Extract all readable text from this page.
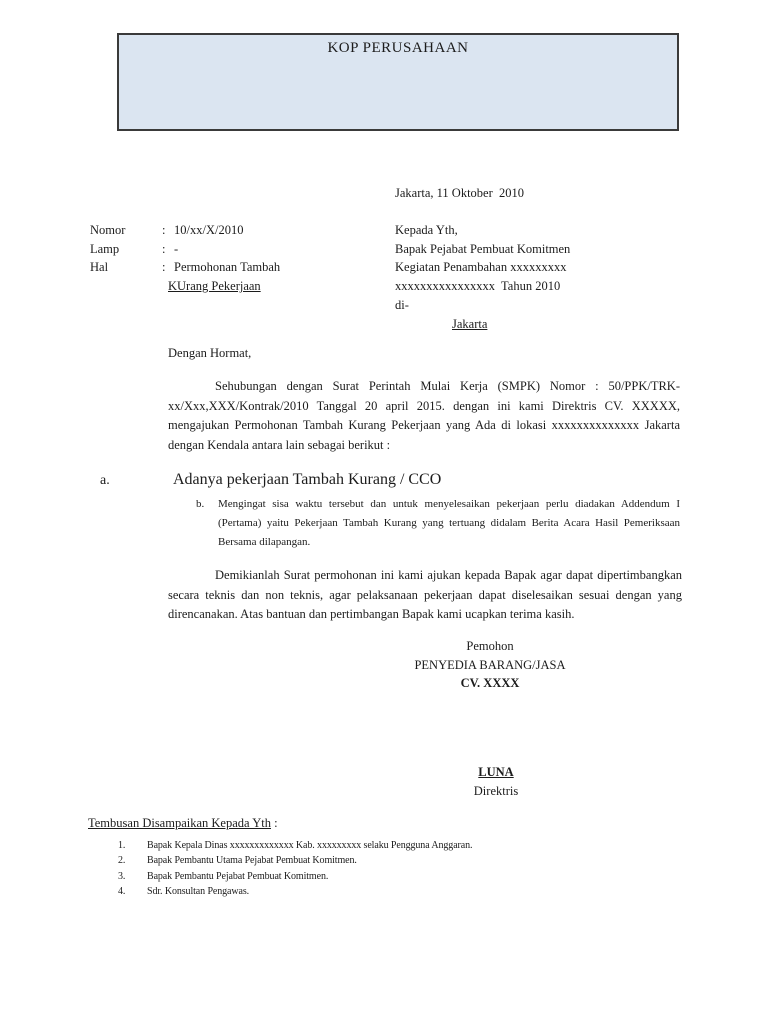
KOP PERUSAHAAN
Jakarta, 11 Oktober  2010
Nomor	: 10/xx/X/2010
Lamp	: -
Hal	: Permohonan Tambah
KUrang Pekerjaan
Kepada Yth,
Bapak Pejabat Pembuat Komitmen
Kegiatan Penambahan xxxxxxxxx
xxxxxxxxxxxxxxxx  Tahun 2010
di-
Jakarta
Dengan Hormat,

Sehubungan dengan Surat Perintah Mulai Kerja (SMPK) Nomor : 50/PPK/TRK-xx/Xxx,XXX/Kontrak/2010 Tanggal 20 april 2015. dengan ini kami Direktris CV. XXXXX, mengajukan Permohonan Tambah Kurang Pekerjaan yang Ada di lokasi xxxxxxxxxxxxxx Jakarta dengan Kendala antara lain sebagai berikut :

a.	Adanya pekerjaan Tambah Kurang / CCO
b.	Mengingat sisa waktu tersebut dan untuk menyelesaikan pekerjaan perlu diadakan Addendum I (Pertama) yaitu Pekerjaan Tambah Kurang yang tertuang didalam Berita Acara Hasil Pemeriksaan Bersama dilapangan.

Demikianlah Surat permohonan ini kami ajukan kepada Bapak agar dapat dipertimbangkan secara teknis dan non teknis, agar pelaksanaan pekerjaan dapat diselesaikan sesuai dengan yang direncanakan. Atas bantuan dan pertimbangan Bapak kami ucapkan terima kasih.

Pemohon
PENYEDIA BARANG/JASA
CV. XXXX
LUNA
Direktris
Tembusan Disampaikan Kepada Yth :
1.	Bapak Kepala Dinas xxxxxxxxxxxxx Kab. xxxxxxxxx selaku Pengguna Anggaran.
2.	Bapak Pembantu Utama Pejabat Pembuat Komitmen.
3.	Bapak Pembantu Pejabat Pembuat Komitmen.
4.	Sdr. Konsultan Pengawas.
